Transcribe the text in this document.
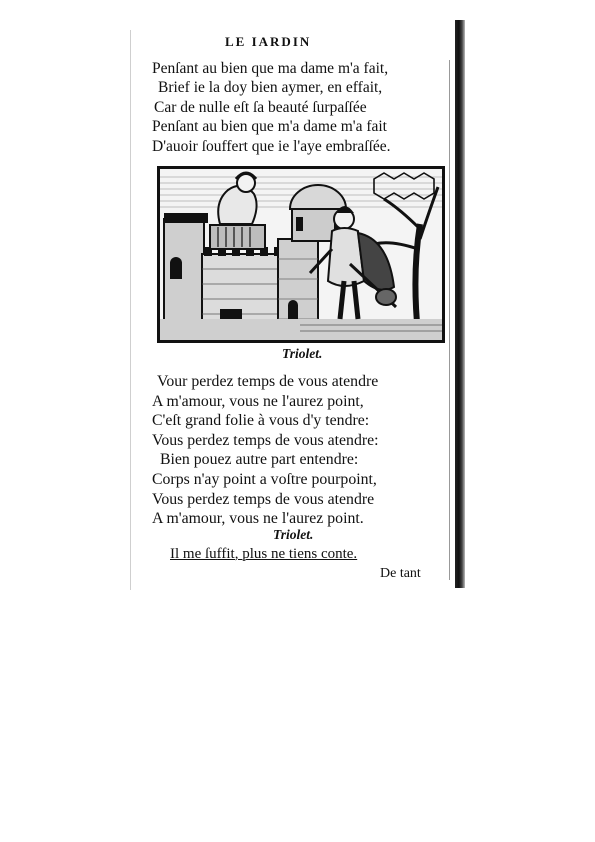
LE IARDIN
Penſant au bien que ma dame m'a fait,
Brief ie la doy bien aymer, en effait,
Car de nulle eſt ſa beauté ſurpaſſée
Penſant au bien que m'a dame m'a fait
D'auoir ſouffert que ie l'aye embraſſée.
Triolet.
Vour perdez temps de vous atendre
A m'amour, vous ne l'aurez point,
C'eſt grand folie à vous d'y tendre:
Vous perdez temps de vous atendre:
Bien pouez autre part entendre:
Corps n'ay point a voſtre pourpoint,
Vous perdez temps de vous atendre
A m'amour, vous ne l'aurez point.
Triolet.
Il me ſuffit, plus ne tiens conte.
De tant
